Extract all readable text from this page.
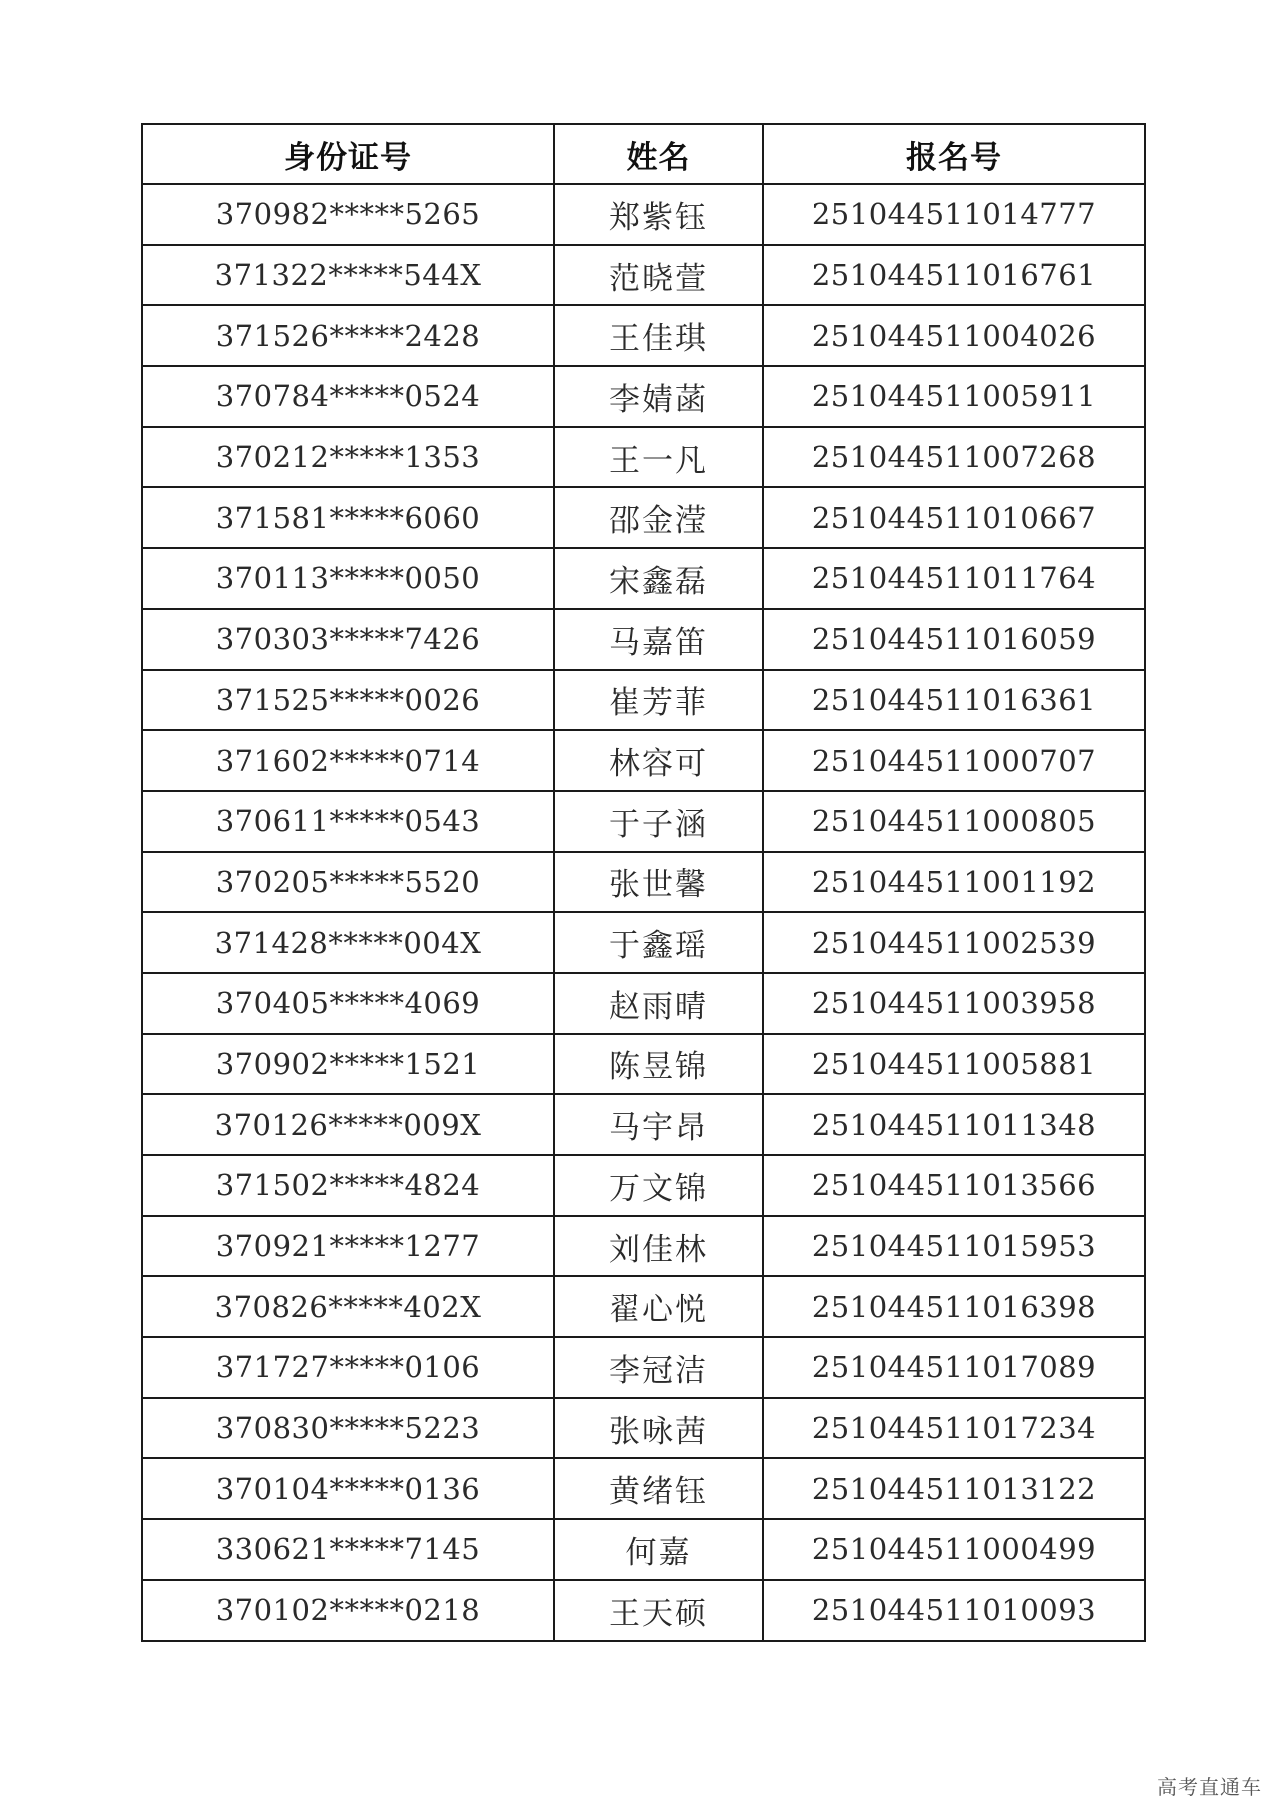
身份证号	姓名	报名号
370982*****5265	郑紫钰	251044511014777
371322*****544X	范晓萱	251044511016761
371526*****2428	王佳琪	251044511004026
370784*****0524	李婧菡	251044511005911
370212*****1353	王一凡	251044511007268
371581*****6060	邵金滢	251044511010667
370113*****0050	宋鑫磊	251044511011764
370303*****7426	马嘉笛	251044511016059
371525*****0026	崔芳菲	251044511016361
371602*****0714	林容可	251044511000707
370611*****0543	于子涵	251044511000805
370205*****5520	张世馨	251044511001192
371428*****004X	于鑫瑶	251044511002539
370405*****4069	赵雨晴	251044511003958
370902*****1521	陈昱锦	251044511005881
370126*****009X	马宇昂	251044511011348
371502*****4824	万文锦	251044511013566
370921*****1277	刘佳林	251044511015953
370826*****402X	翟心悦	251044511016398
371727*****0106	李冠洁	251044511017089
370830*****5223	张咏茜	251044511017234
370104*****0136	黄绪钰	251044511013122
330621*****7145	何嘉	251044511000499
370102*****0218	王天硕	251044511010093
高考直通车
